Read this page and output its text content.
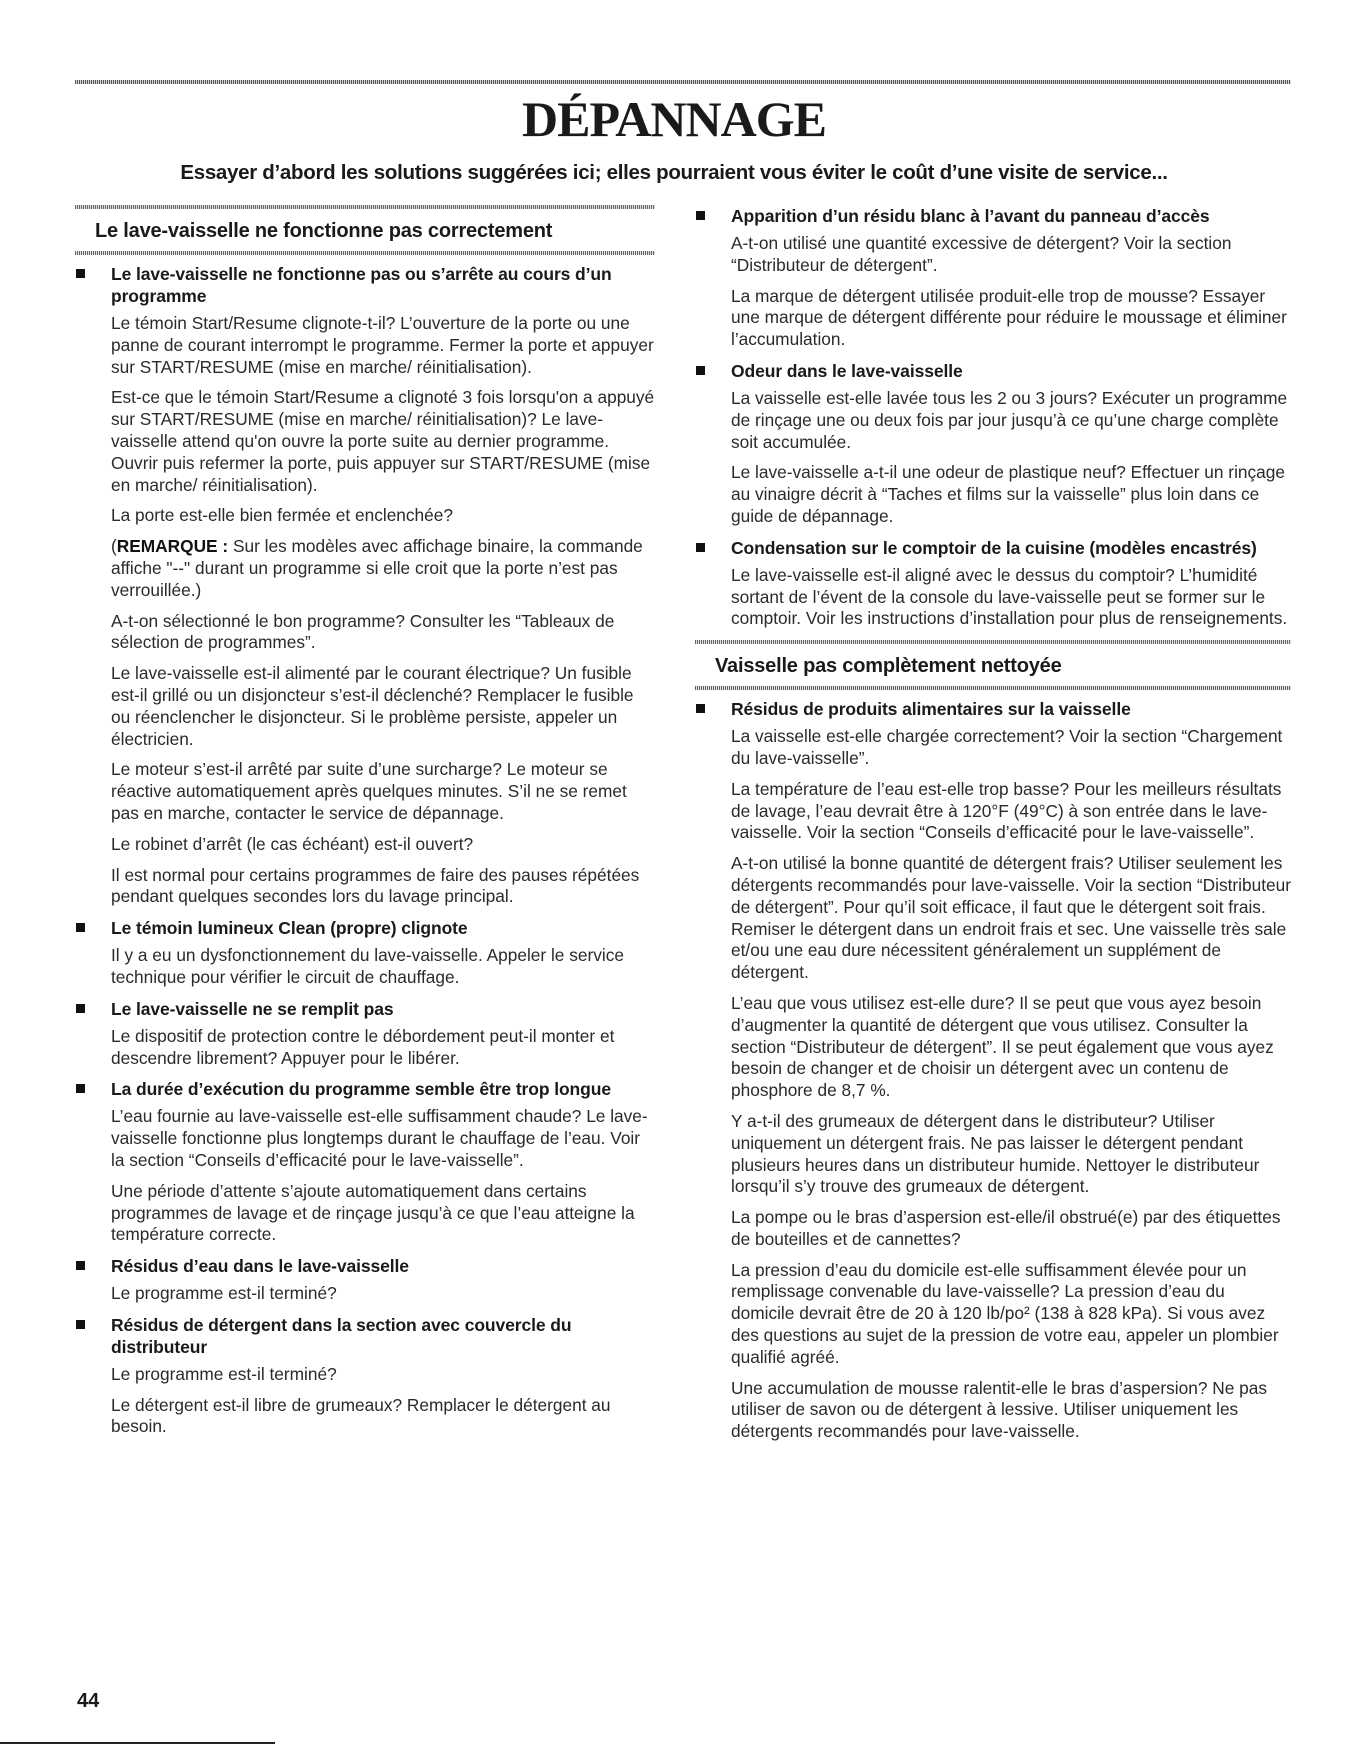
DÉPANNAGE

Essayer d’abord les solutions suggérées ici; elles pourraient vous éviter le coût d’une visite de service...

Le lave-vaisselle ne fonctionne pas correctement
Le lave-vaisselle ne fonctionne pas ou s’arrête au cours d’un programme

Le témoin Start/Resume clignote-t-il? L’ouverture de la porte ou une panne de courant interrompt le programme. Fermer la porte et appuyer sur START/RESUME (mise en marche/ réinitialisation).

Est-ce que le témoin Start/Resume a clignoté 3 fois lorsqu'on a appuyé sur START/RESUME (mise en marche/ réinitialisation)? Le lave-vaisselle attend qu'on ouvre la porte suite au dernier programme. Ouvrir puis refermer la porte, puis appuyer sur START/RESUME (mise en marche/ réinitialisation).

La porte est-elle bien fermée et enclenchée?

(REMARQUE : Sur les modèles avec affichage binaire, la commande affiche "--" durant un programme si elle croit que la porte n’est pas verrouillée.)

A-t-on sélectionné le bon programme? Consulter les “Tableaux de sélection de programmes”.

Le lave-vaisselle est-il alimenté par le courant électrique? Un fusible est-il grillé ou un disjoncteur s’est-il déclenché? Remplacer le fusible ou réenclencher le disjoncteur. Si le problème persiste, appeler un électricien.

Le moteur s’est-il arrêté par suite d’une surcharge? Le moteur se réactive automatiquement après quelques minutes. S’il ne se remet pas en marche, contacter le service de dépannage.

Le robinet d’arrêt (le cas échéant) est-il ouvert?

Il est normal pour certains programmes de faire des pauses répétées pendant quelques secondes lors du lavage principal.

Le témoin lumineux Clean (propre) clignote

Il y a eu un dysfonctionnement du lave-vaisselle. Appeler le service technique pour vérifier le circuit de chauffage.

Le lave-vaisselle ne se remplit pas

Le dispositif de protection contre le débordement peut-il monter et descendre librement? Appuyer pour le libérer.

La durée d’exécution du programme semble être trop longue

L’eau fournie au lave-vaisselle est-elle suffisamment chaude? Le lave-vaisselle fonctionne plus longtemps durant le chauffage de l’eau. Voir la section “Conseils d’efficacité pour le lave-vaisselle”.

Une période d’attente s’ajoute automatiquement dans certains programmes de lavage et de rinçage jusqu’à ce que l’eau atteigne la température correcte.

Résidus d’eau dans le lave-vaisselle

Le programme est-il terminé?

Résidus de détergent dans la section avec couvercle du distributeur

Le programme est-il terminé?

Le détergent est-il libre de grumeaux? Remplacer le détergent au besoin.

Apparition d’un résidu blanc à l’avant du panneau d’accès

A-t-on utilisé une quantité excessive de détergent? Voir la section “Distributeur de détergent”.

La marque de détergent utilisée produit-elle trop de mousse? Essayer une marque de détergent différente pour réduire le moussage et éliminer l’accumulation.

Odeur dans le lave-vaisselle

La vaisselle est-elle lavée tous les 2 ou 3 jours? Exécuter un programme de rinçage une ou deux fois par jour jusqu’à ce qu’une charge complète soit accumulée.

Le lave-vaisselle a-t-il une odeur de plastique neuf? Effectuer un rinçage au vinaigre décrit à “Taches et films sur la vaisselle” plus loin dans ce guide de dépannage.

Condensation sur le comptoir de la cuisine (modèles encastrés)

Le lave-vaisselle est-il aligné avec le dessus du comptoir? L’humidité sortant de l’évent de la console du lave-vaisselle peut se former sur le comptoir. Voir les instructions d’installation pour plus de renseignements.

Vaisselle pas complètement nettoyée
Résidus de produits alimentaires sur la vaisselle

La vaisselle est-elle chargée correctement? Voir la section “Chargement du lave-vaisselle”.

La température de l’eau est-elle trop basse? Pour les meilleurs résultats de lavage, l’eau devrait être à 120°F (49°C) à son entrée dans le lave-vaisselle. Voir la section “Conseils d’efficacité pour le lave-vaisselle”.

A-t-on utilisé la bonne quantité de détergent frais? Utiliser seulement les détergents recommandés pour lave-vaisselle. Voir la section “Distributeur de détergent”. Pour qu’il soit efficace, il faut que le détergent soit frais. Remiser le détergent dans un endroit frais et sec. Une vaisselle très sale et/ou une eau dure nécessitent généralement un supplément de détergent.

L’eau que vous utilisez est-elle dure? Il se peut que vous ayez besoin d’augmenter la quantité de détergent que vous utilisez. Consulter la section “Distributeur de détergent”. Il se peut également que vous ayez besoin de changer et de choisir un détergent avec un contenu de phosphore de 8,7 %.

Y a-t-il des grumeaux de détergent dans le distributeur? Utiliser uniquement un détergent frais. Ne pas laisser le détergent pendant plusieurs heures dans un distributeur humide. Nettoyer le distributeur lorsqu’il s’y trouve des grumeaux de détergent.

La pompe ou le bras d’aspersion est-elle/il obstrué(e) par des étiquettes de bouteilles et de cannettes?

La pression d’eau du domicile est-elle suffisamment élevée pour un remplissage convenable du lave-vaisselle? La pression d’eau du domicile devrait être de 20 à 120 lb/po² (138 à 828 kPa). Si vous avez des questions au sujet de la pression de votre eau, appeler un plombier qualifié agréé.

Une accumulation de mousse ralentit-elle le bras d’aspersion? Ne pas utiliser de savon ou de détergent à lessive. Utiliser uniquement les détergents recommandés pour lave-vaisselle.

44
